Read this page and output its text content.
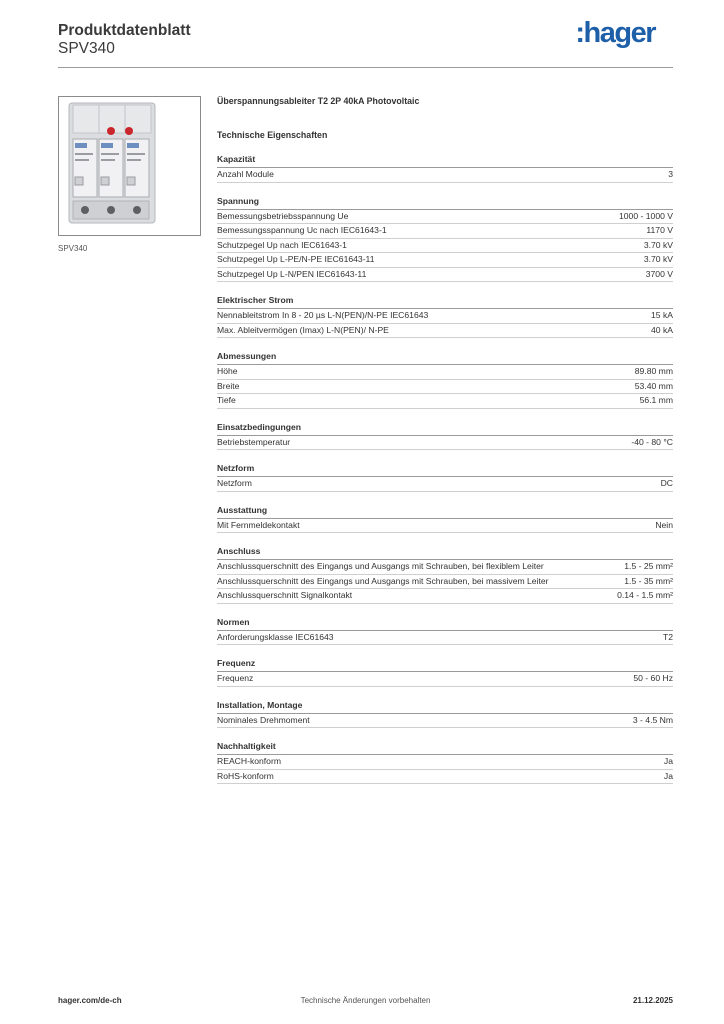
Produktdatenblatt
SPV340	:hager
SPV340
Überspannungsableiter T2 2P 40kA Photovoltaic
Technische Eigenschaften
Kapazität
Anzahl Module	3
Spannung
Bemessungsbetriebsspannung Ue	1000 - 1000 V
Bemessungsspannung Uc nach IEC61643-1	1170 V
Schutzpegel Up nach IEC61643-1	3.70 kV
Schutzpegel Up L-PE/N-PE IEC61643-11	3.70 kV
Schutzpegel Up L-N/PEN IEC61643-11	3700 V
Elektrischer Strom
Nennableitstrom In 8 - 20 µs L-N(PEN)/N-PE IEC61643	15 kA
Max. Ableitvermögen (Imax) L-N(PEN)/ N-PE	40 kA
Abmessungen
Höhe	89.80 mm
Breite	53.40 mm
Tiefe	56.1 mm
Einsatzbedingungen
Betriebstemperatur	-40 - 80 °C
Netzform
Netzform	DC
Ausstattung
Mit Fernmeldekontakt	Nein
Anschluss
Anschlussquerschnitt des Eingangs und Ausgangs mit Schrauben, bei flexiblem Leiter	1.5 - 25 mm²
Anschlussquerschnitt des Eingangs und Ausgangs mit Schrauben, bei massivem Leiter	1.5 - 35 mm²
Anschlussquerschnitt Signalkontakt	0.14 - 1.5 mm²
Normen
Anforderungsklasse IEC61643	T2
Frequenz
Frequenz	50 - 60 Hz
Installation, Montage
Nominales Drehmoment	3 - 4.5 Nm
Nachhaltigkeit
REACH-konform	Ja
RoHS-konform	Ja
hager.com/de-ch	Technische Änderungen vorbehalten	21.12.2025
